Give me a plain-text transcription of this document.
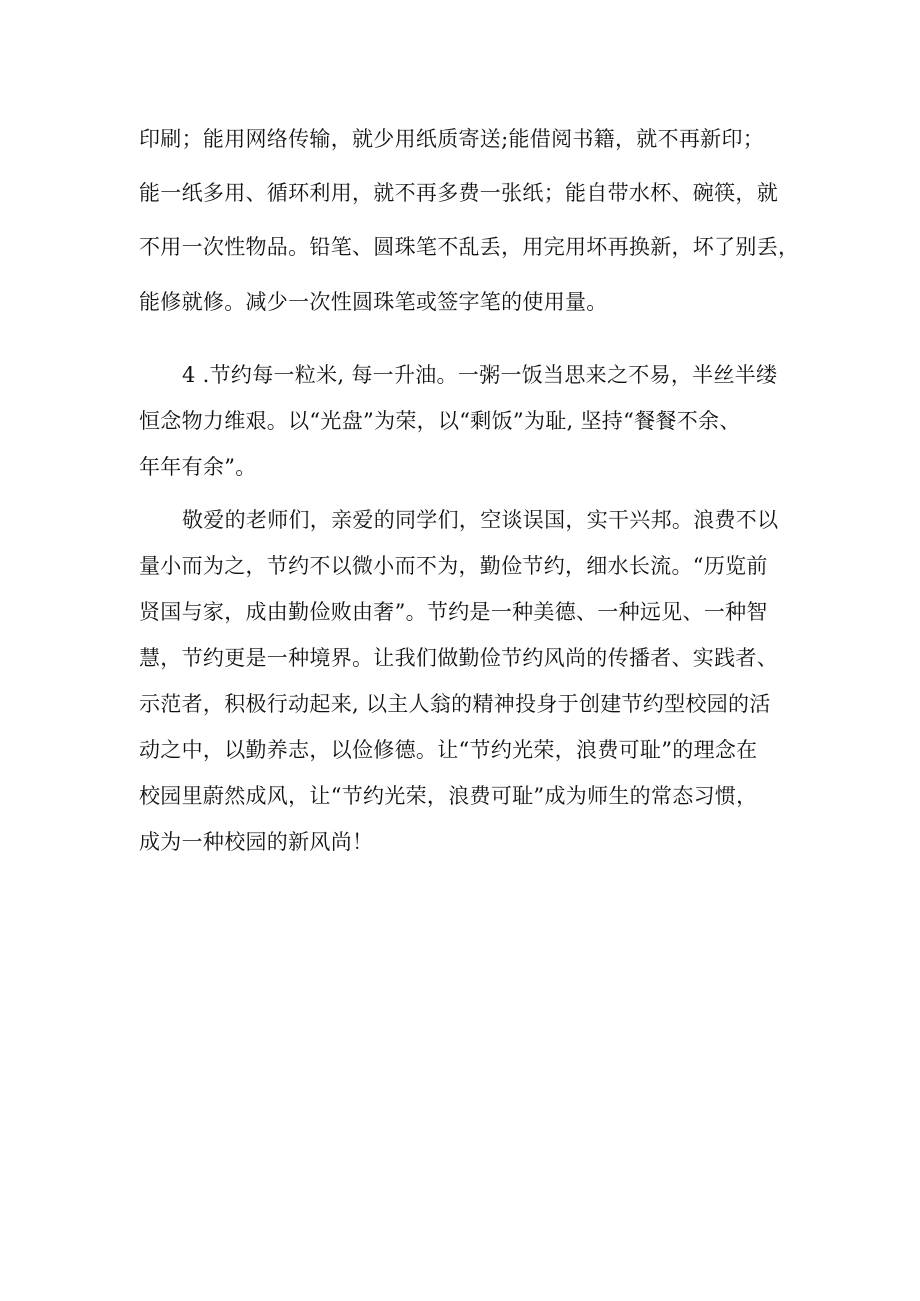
印刷；能用网络传输，就少用纸质寄送;能借阅书籍，就不再新印；
能一纸多用、循环利用，就不再多费一张纸；能自带水杯、碗筷，就
不用一次性物品。铅笔、圆珠笔不乱丢，用完用坏再换新，坏了别丢，
能修就修。减少一次性圆珠笔或签字笔的使用量。
4 .节约每一粒米, 每一升油。一粥一饭当思来之不易，半丝半缕
恒念物力维艰。以“光盘”为荣，以“剩饭”为耻, 坚持“餐餐不余、
年年有余”。
敬爱的老师们，亲爱的同学们，空谈误国，实干兴邦。浪费不以
量小而为之，节约不以微小而不为，勤俭节约，细水长流。“历览前
贤国与家，成由勤俭败由奢”。节约是一种美德、一种远见、一种智
慧，节约更是一种境界。让我们做勤俭节约风尚的传播者、实践者、
示范者，积极行动起来, 以主人翁的精神投身于创建节约型校园的活
动之中，以勤养志，以俭修德。让“节约光荣，浪费可耻”的理念在
校园里蔚然成风，让“节约光荣，浪费可耻”成为师生的常态习惯，
成为一种校园的新风尚！
